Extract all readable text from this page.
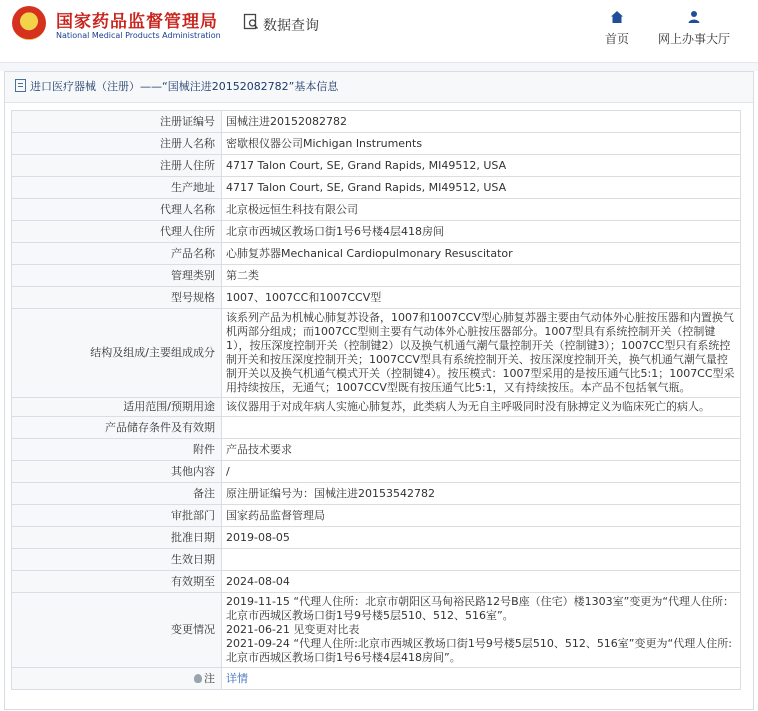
国家药品监督管理局
National Medical Products Administration
数据查询
首页	网上办事大厅
进口医疗器械（注册）——“国械注进20152082782”基本信息
注册证编号	国械注进20152082782
注册人名称	密歇根仪器公司Michigan Instruments
注册人住所	4717 Talon Court, SE, Grand Rapids, MI49512, USA
生产地址	4717 Talon Court, SE, Grand Rapids, MI49512, USA
代理人名称	北京极远恒生科技有限公司
代理人住所	北京市西城区教场口街1号6号楼4层418房间
产品名称	心肺复苏器Mechanical Cardiopulmonary Resuscitator
管理类别	第二类
型号规格	1007、1007CC和1007CCV型
结构及组成/主要组成成分	该系列产品为机械心肺复苏设备，1007和1007CCV型心肺复苏器主要由气动体外心脏按压器和内置换气机两部分组成；而1007CC型则主要有气动体外心脏按压器部分。1007型具有系统控制开关（控制键1），按压深度控制开关（控制键2）以及换气机通气潮气量控制开关（控制键3）；1007CC型只有系统控制开关和按压深度控制开关；1007CCV型具有系统控制开关、按压深度控制开关，换气机通气潮气量控制开关以及换气机通气模式开关（控制键4）。按压模式：1007型采用的是按压通气比5:1；1007CC型采用持续按压，无通气；1007CCV型既有按压通气比5:1，又有持续按压。本产品不包括氧气瓶。
适用范围/预期用途	该仪器用于对成年病人实施心肺复苏，此类病人为无自主呼吸同时没有脉搏定义为临床死亡的病人。
产品储存条件及有效期	
附件	产品技术要求
其他内容	/
备注	原注册证编号为：国械注进20153542782
审批部门	国家药品监督管理局
批准日期	2019-08-05
生效日期	
有效期至	2024-08-04
变更情况	2019-11-15 “代理人住所：北京市朝阳区马甸裕民路12号B座（住宅）楼1303室”变更为“代理人住所：北京市西城区教场口街1号9号楼5层510、512、516室”。
2021-06-21 见变更对比表
2021-09-24 “代理人住所:北京市西城区教场口街1号9号楼5层510、512、516室”变更为“代理人住所:北京市西城区教场口街1号6号楼4层418房间”。
注	详情
